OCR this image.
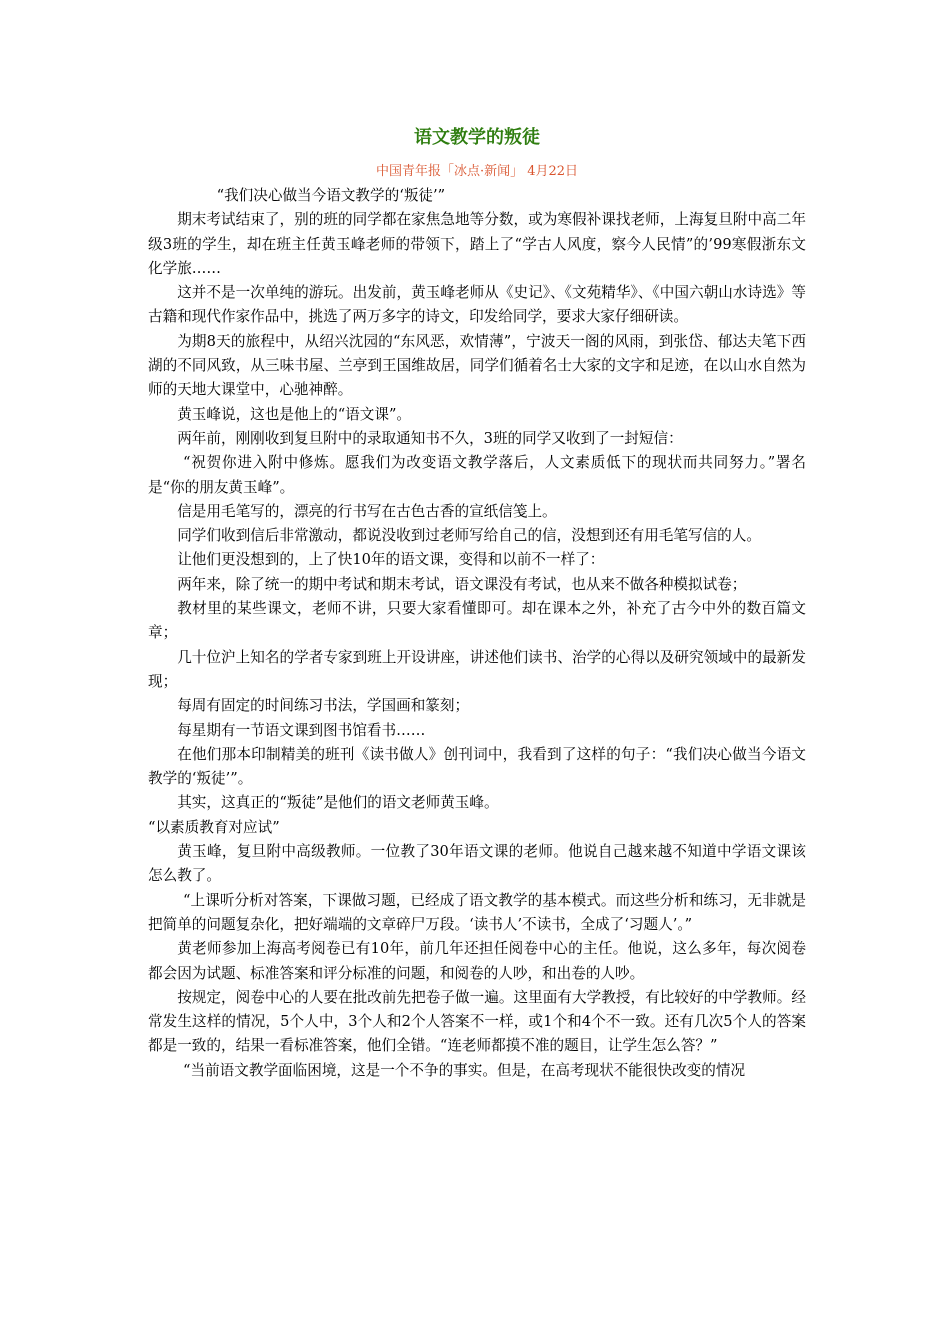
语文教学的叛徒
中国青年报「冰点·新闻」 4月22日

“我们决心做当今语文教学的‘叛徒’”

期末考试结束了，别的班的同学都在家焦急地等分数，或为寒假补课找老师，上海复旦附中高二年级3班的学生，却在班主任黄玉峰老师的带领下，踏上了“学古人风度，察今人民情”的’99寒假浙东文化学旅……

这并不是一次单纯的游玩。出发前，黄玉峰老师从《史记》、《文苑精华》、《中国六朝山水诗选》等古籍和现代作家作品中，挑选了两万多字的诗文，印发给同学，要求大家仔细研读。

为期8天的旅程中，从绍兴沈园的“东风恶，欢情薄”，宁波天一阁的风雨，到张岱、郁达夫笔下西湖的不同风致，从三味书屋、兰亭到王国维故居，同学们循着名士大家的文字和足迹，在以山水自然为师的天地大课堂中，心驰神醉。

黄玉峰说，这也是他上的“语文课”。

两年前，刚刚收到复旦附中的录取通知书不久，3班的同学又收到了一封短信：

“祝贺你进入附中修炼。愿我们为改变语文教学落后，人文素质低下的现状而共同努力。”署名是“你的朋友黄玉峰”。

信是用毛笔写的，漂亮的行书写在古色古香的宣纸信笺上。

同学们收到信后非常激动，都说没收到过老师写给自己的信，没想到还有用毛笔写信的人。

让他们更没想到的，上了快10年的语文课，变得和以前不一样了：

两年来，除了统一的期中考试和期末考试，语文课没有考试，也从来不做各种模拟试卷；

教材里的某些课文，老师不讲，只要大家看懂即可。却在课本之外，补充了古今中外的数百篇文章；

几十位沪上知名的学者专家到班上开设讲座，讲述他们读书、治学的心得以及研究领域中的最新发现；

每周有固定的时间练习书法，学国画和篆刻；

每星期有一节语文课到图书馆看书……

在他们那本印制精美的班刊《读书做人》创刊词中，我看到了这样的句子：“我们决心做当今语文教学的‘叛徒’”。

其实，这真正的“叛徒”是他们的语文老师黄玉峰。

“以素质教育对应试”

黄玉峰，复旦附中高级教师。一位教了30年语文课的老师。他说自己越来越不知道中学语文课该怎么教了。

“上课听分析对答案，下课做习题，已经成了语文教学的基本模式。而这些分析和练习，无非就是把简单的问题复杂化，把好端端的文章碎尸万段。‘读书人’不读书，全成了‘习题人’。”

黄老师参加上海高考阅卷已有10年，前几年还担任阅卷中心的主任。他说，这么多年，每次阅卷都会因为试题、标准答案和评分标准的问题，和阅卷的人吵，和出卷的人吵。

按规定，阅卷中心的人要在批改前先把卷子做一遍。这里面有大学教授，有比较好的中学教师。经常发生这样的情况，5个人中，3个人和2个人答案不一样，或1个和4个不一致。还有几次5个人的答案都是一致的，结果一看标准答案，他们全错。“连老师都摸不准的题目，让学生怎么答？”

“当前语文教学面临困境，这是一个不争的事实。但是，在高考现状不能很快改变的情况
